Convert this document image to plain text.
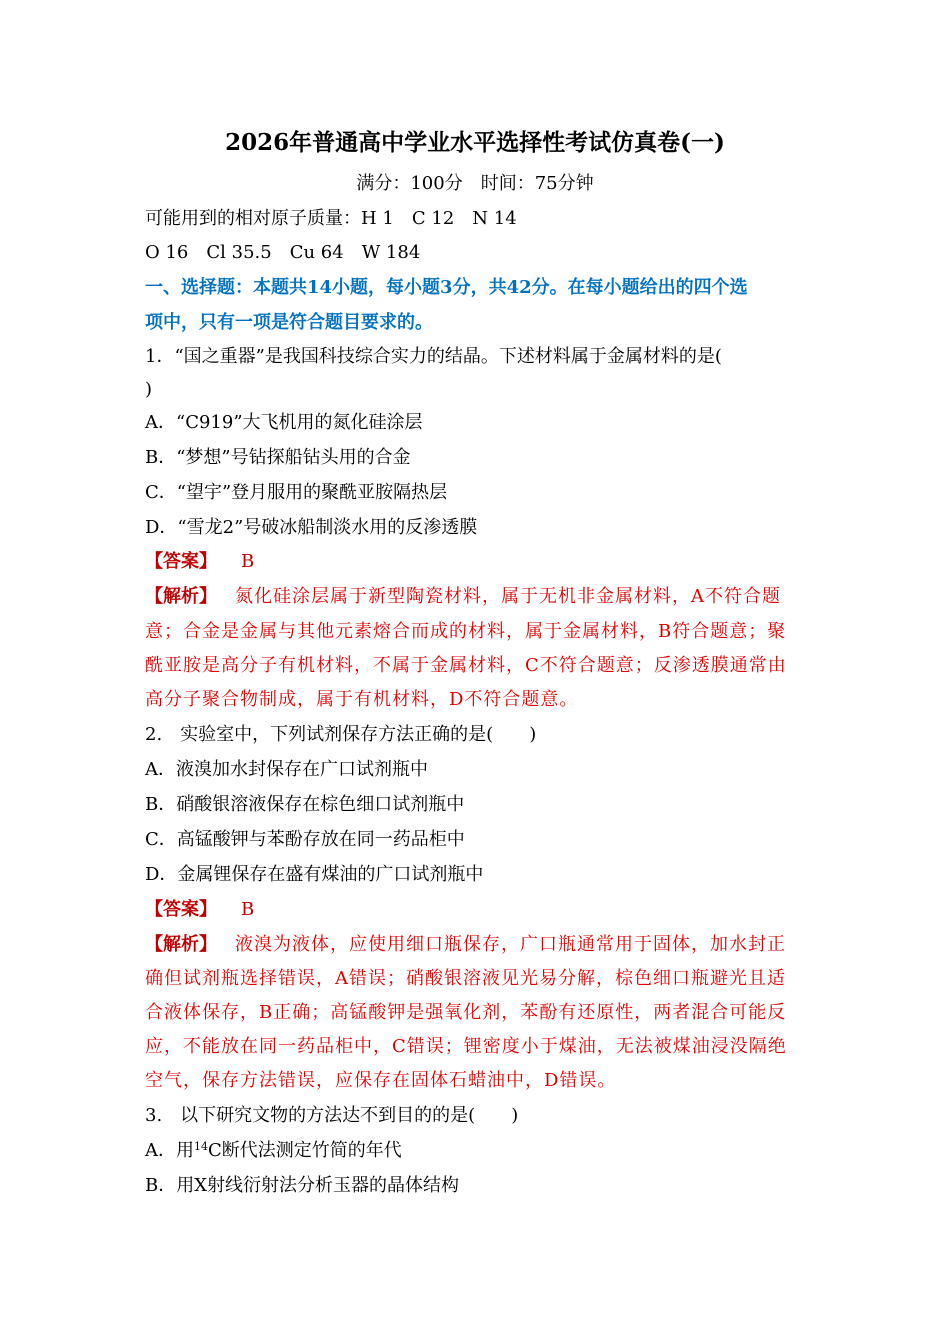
2026年普通高中学业水平选择性考试仿真卷(一)
满分：100分　时间：75分钟
可能用到的相对原子质量：H 1　C 12　N 14
O 16　Cl 35.5　Cu 64　W 184
一、选择题：本题共14小题，每小题3分，共42分。在每小题给出的四个选
项中，只有一项是符合题目要求的。
1．“国之重器”是我国科技综合实力的结晶。下述材料属于金属材料的是(
)
A．“C919”大飞机用的氮化硅涂层
B．“梦想”号钻探船钻头用的合金
C．“望宇”登月服用的聚酰亚胺隔热层
D．“雪龙2”号破冰船制淡水用的反渗透膜
【答案】 B
【解析】 氮化硅涂层属于新型陶瓷材料，属于无机非金属材料，A不符合题
意；合金是金属与其他元素熔合而成的材料，属于金属材料，B符合题意；聚
酰亚胺是高分子有机材料，不属于金属材料，C不符合题意；反渗透膜通常由
高分子聚合物制成，属于有机材料，D不符合题意。
2.　实验室中，下列试剂保存方法正确的是(　　)
A．液溴加水封保存在广口试剂瓶中
B．硝酸银溶液保存在棕色细口试剂瓶中
C．高锰酸钾与苯酚存放在同一药品柜中
D．金属锂保存在盛有煤油的广口试剂瓶中
【答案】 B
【解析】 液溴为液体，应使用细口瓶保存，广口瓶通常用于固体，加水封正
确但试剂瓶选择错误，A错误；硝酸银溶液见光易分解，棕色细口瓶避光且适
合液体保存，B正确；高锰酸钾是强氧化剂，苯酚有还原性，两者混合可能反
应，不能放在同一药品柜中，C错误；锂密度小于煤油，无法被煤油浸没隔绝
空气，保存方法错误，应保存在固体石蜡油中，D错误。
3.　以下研究文物的方法达不到目的的是(　　)
A．用$^{14}$C断代法测定竹简的年代
B．用X射线衍射法分析玉器的晶体结构
